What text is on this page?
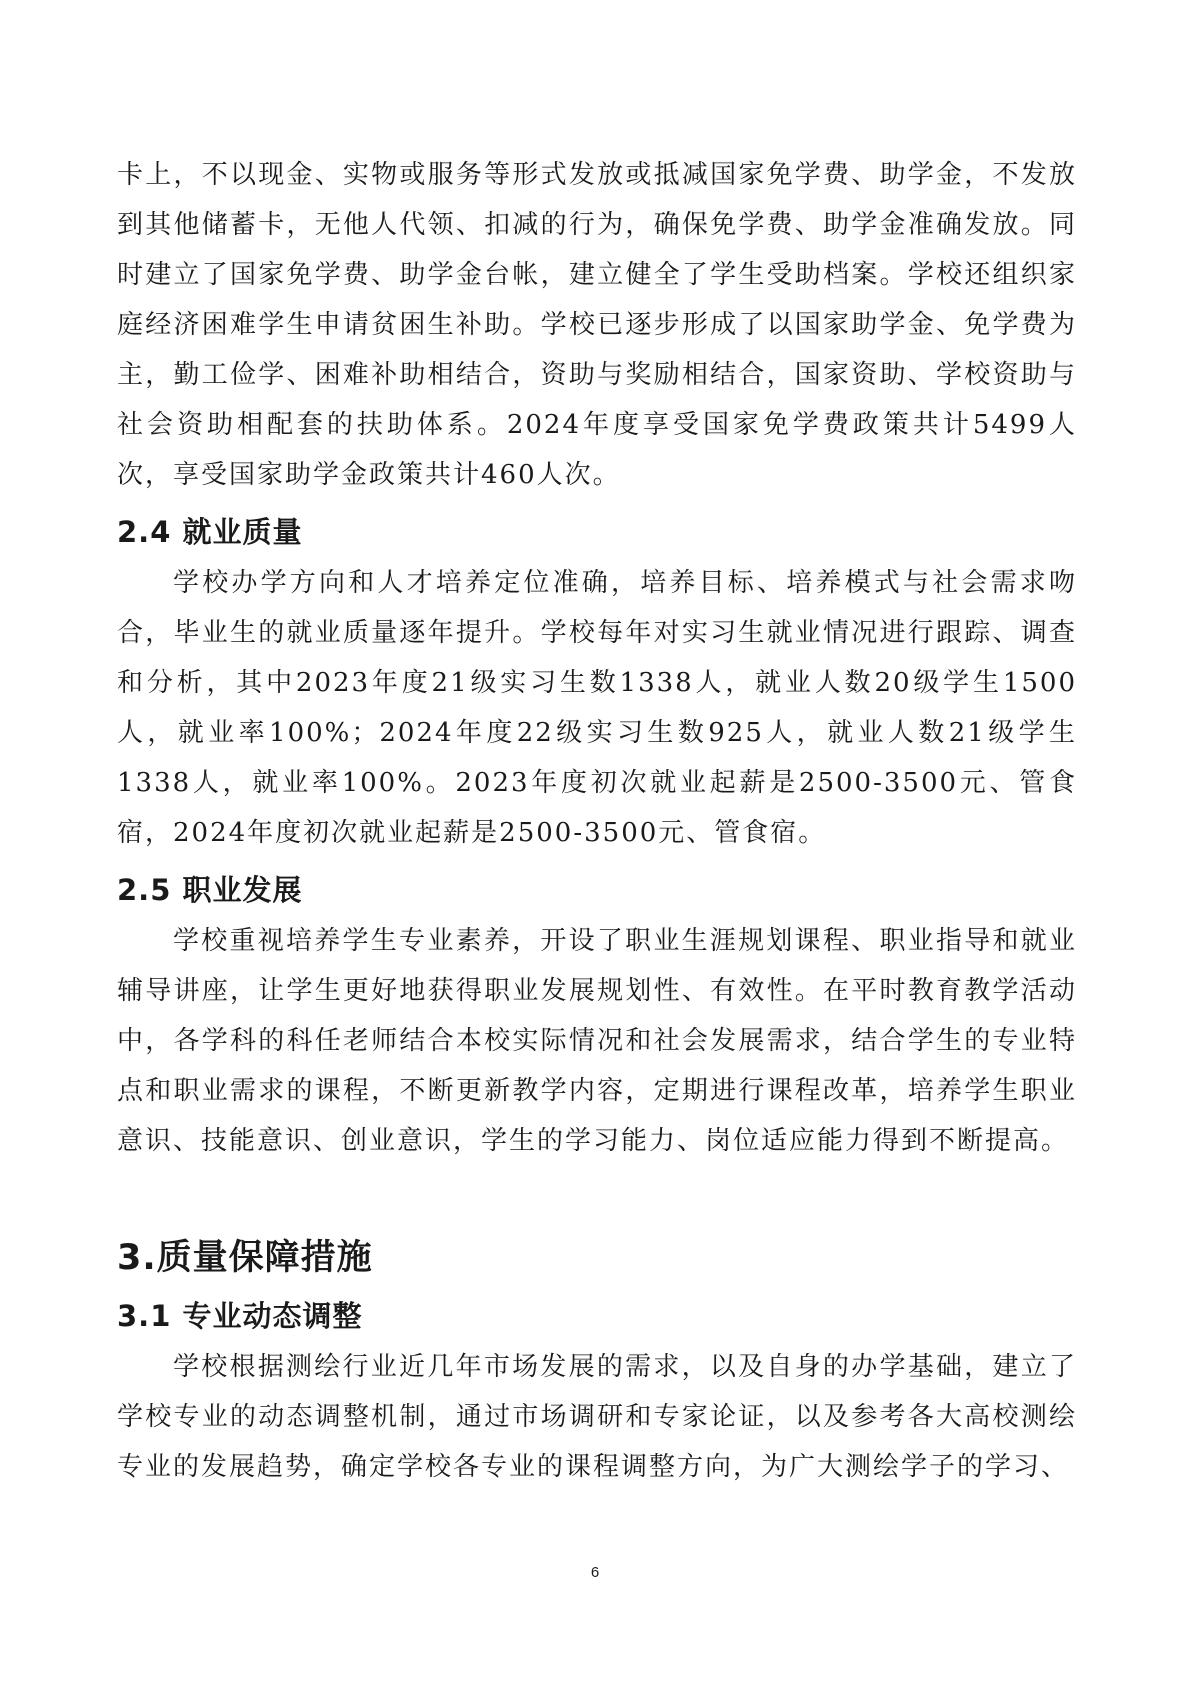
卡上，不以现金、实物或服务等形式发放或抵减国家免学费、助学金，不发放到其他储蓄卡，无他人代领、扣减的行为，确保免学费、助学金准确发放。同时建立了国家免学费、助学金台帐，建立健全了学生受助档案。学校还组织家庭经济困难学生申请贫困生补助。学校已逐步形成了以国家助学金、免学费为主，勤工俭学、困难补助相结合，资助与奖励相结合，国家资助、学校资助与社会资助相配套的扶助体系。2024年度享受国家免学费政策共计5499人次，享受国家助学金政策共计460人次。

2.4 就业质量

学校办学方向和人才培养定位准确，培养目标、培养模式与社会需求吻合，毕业生的就业质量逐年提升。学校每年对实习生就业情况进行跟踪、调查和分析，其中2023年度21级实习生数1338人，就业人数20级学生1500人，就业率100%；2024年度22级实习生数925人，就业人数21级学生1338人，就业率100%。2023年度初次就业起薪是2500-3500元、管食宿，2024年度初次就业起薪是2500-3500元、管食宿。

2.5 职业发展

学校重视培养学生专业素养，开设了职业生涯规划课程、职业指导和就业辅导讲座，让学生更好地获得职业发展规划性、有效性。在平时教育教学活动中，各学科的科任老师结合本校实际情况和社会发展需求，结合学生的专业特点和职业需求的课程，不断更新教学内容，定期进行课程改革，培养学生职业意识、技能意识、创业意识，学生的学习能力、岗位适应能力得到不断提高。

3.质量保障措施
3.1 专业动态调整

学校根据测绘行业近几年市场发展的需求，以及自身的办学基础，建立了学校专业的动态调整机制，通过市场调研和专家论证，以及参考各大高校测绘专业的发展趋势，确定学校各专业的课程调整方向，为广大测绘学子的学习、

6
